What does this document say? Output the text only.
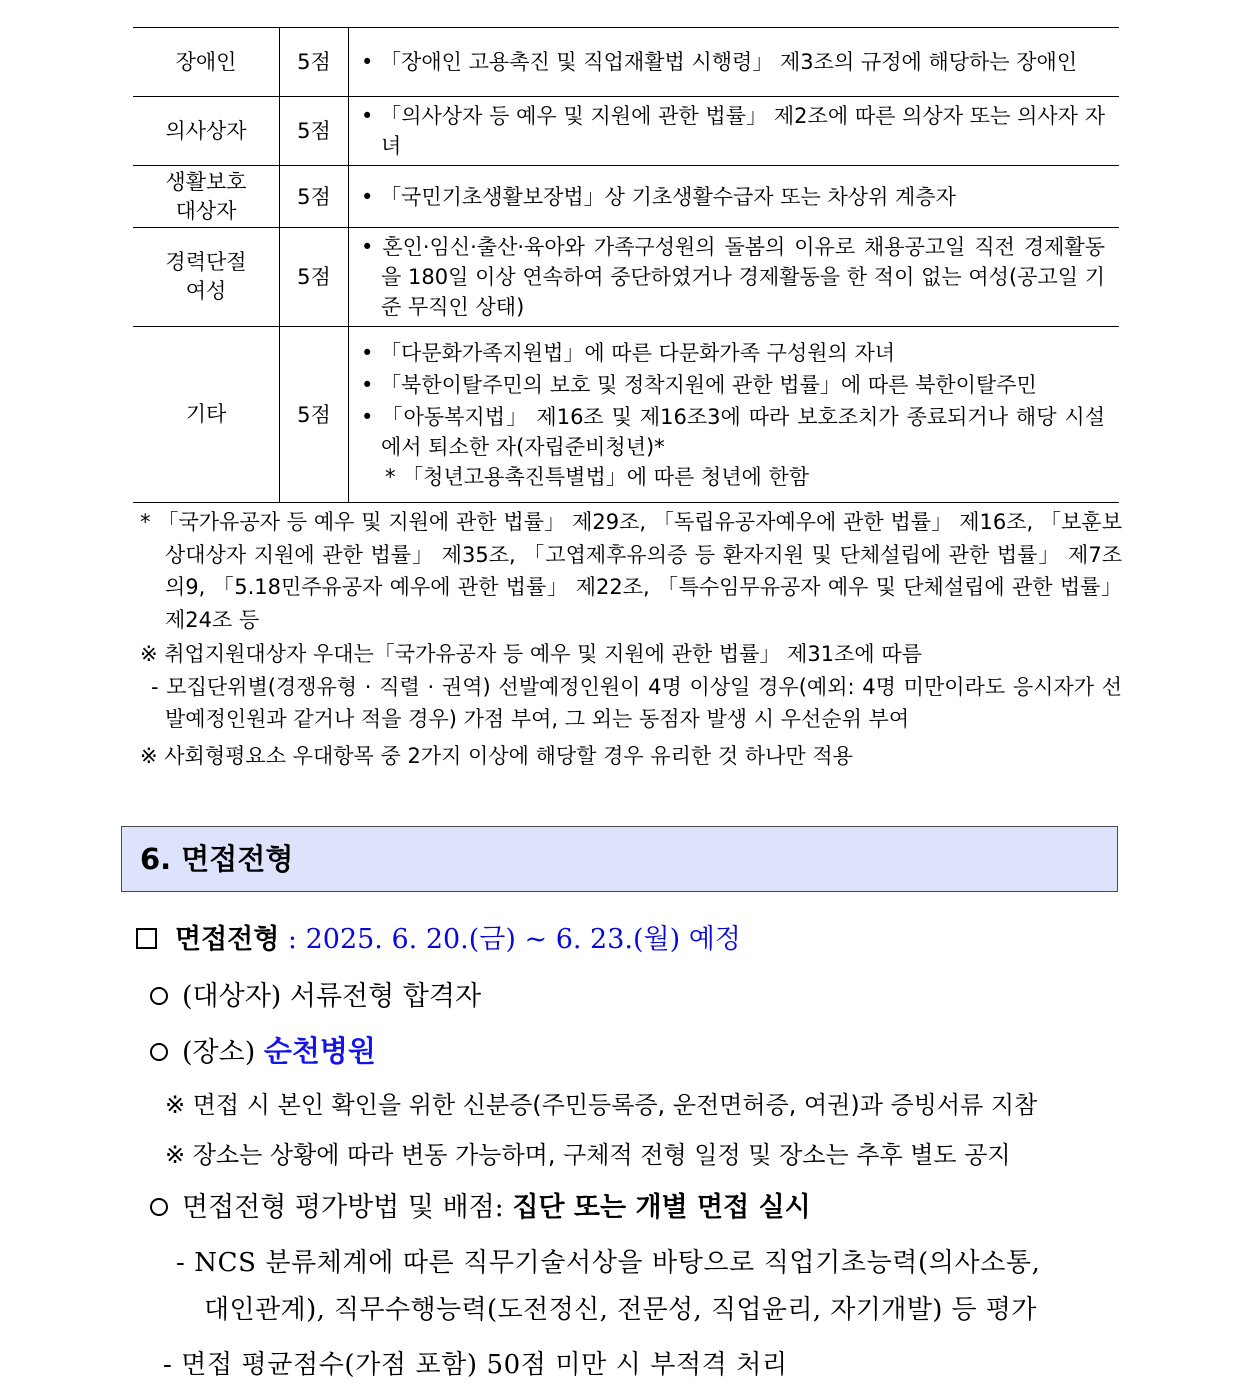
장애인	5점	• 「장애인 고용촉진 및 직업재활법 시행령」 제3조의 규정에 해당하는 장애인

의사상자	5점	• 「의사상자 등 예우 및 지원에 관한 법률」 제2조에 따른 의상자 또는 의사자 자녀

생활보호
대상자	5점	• 「국민기초생활보장법」상 기초생활수급자 또는 차상위 계층자

경력단절
여성	5점	• 혼인·임신·출산·육아와 가족구성원의 돌봄의 이유로 채용공고일 직전 경제활동을 180일 이상 연속하여 중단하였거나 경제활동을 한 적이 없는 여성(공고일 기준 무직인 상태)

기타	5점	• 「다문화가족지원법」에 따른 다문화가족 구성원의 자녀
• 「북한이탈주민의 보호 및 정착지원에 관한 법률」에 따른 북한이탈주민
• 「아동복지법」 제16조 및 제16조3에 따라 보호조치가 종료되거나 해당 시설에서 퇴소한 자(자립준비청년)*
* 「청년고용촉진특별법」에 따른 청년에 한함
* 「국가유공자 등 예우 및 지원에 관한 법률」 제29조, 「독립유공자예우에 관한 법률」 제16조, 「보훈보상대상자 지원에 관한 법률」 제35조, 「고엽제후유의증 등 환자지원 및 단체설립에 관한 법률」 제7조의9, 「5.18민주유공자 예우에 관한 법률」 제22조, 「특수임무유공자 예우 및 단체설립에 관한 법률」 제24조 등
※ 취업지원대상자 우대는「국가유공자 등 예우 및 지원에 관한 법률」 제31조에 따름
- 모집단위별(경쟁유형 · 직렬 · 권역) 선발예정인원이 4명 이상일 경우(예외: 4명 미만이라도 응시자가 선발예정인원과 같거나 적을 경우) 가점 부여, 그 외는 동점자 발생 시 우선순위 부여
※ 사회형평요소 우대항목 중 2가지 이상에 해당할 경우 유리한 것 하나만 적용
6. 면접전형
면접전형 : 2025. 6. 20.(금) ~ 6. 23.(월) 예정
(대상자) 서류전형 합격자
(장소) 순천병원
※ 면접 시 본인 확인을 위한 신분증(주민등록증, 운전면허증, 여권)과 증빙서류 지참
※ 장소는 상황에 따라 변동 가능하며, 구체적 전형 일정 및 장소는 추후 별도 공지
면접전형 평가방법 및 배점: 집단 또는 개별 면접 실시
- NCS 분류체계에 따른 직무기술서상을 바탕으로 직업기초능력(의사소통,
대인관계), 직무수행능력(도전정신, 전문성, 직업윤리, 자기개발) 등 평가
- 면접 평균점수(가점 포함) 50점 미만 시 부적격 처리
